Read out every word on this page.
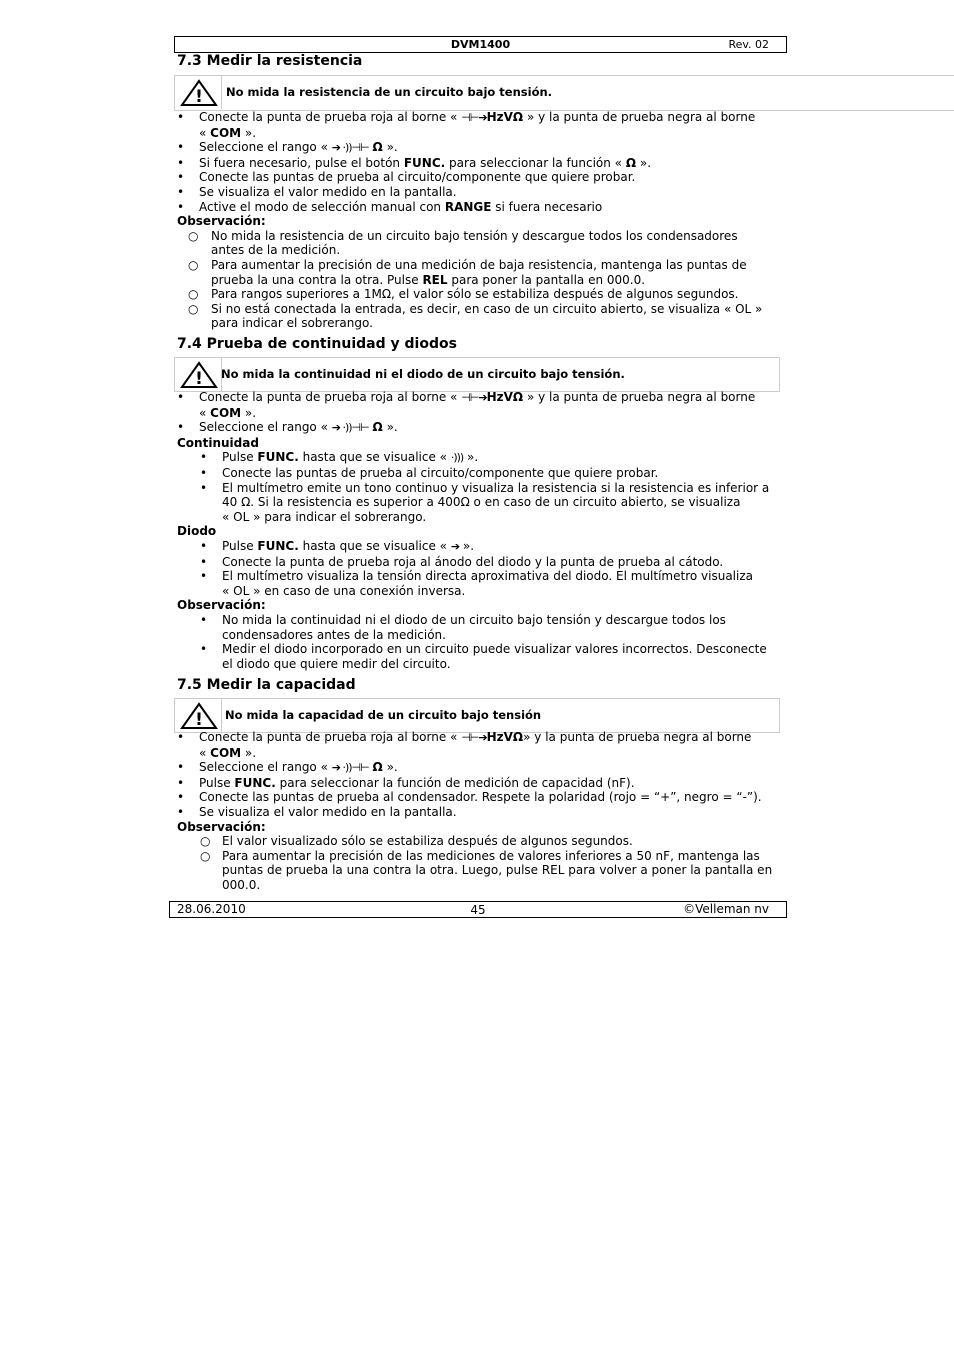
DVM1400	Rev. 02
7.3 Medir la resistencia
! No mida la resistencia de un circuito bajo tensión.
• Conecte la punta de prueba roja al borne « ⊣⊢➔HzVΩ » y la punta de prueba negra al borne
« COM ».
• Seleccione el rango « ➔ ·))⊣⊢ Ω ».
• Si fuera necesario, pulse el botón FUNC. para seleccionar la función « Ω ».
• Conecte las puntas de prueba al circuito/componente que quiere probar.
• Se visualiza el valor medido en la pantalla.
• Active el modo de selección manual con RANGE si fuera necesario
Observación:
○ No mida la resistencia de un circuito bajo tensión y descargue todos los condensadores
antes de la medición.
○ Para aumentar la precisión de una medición de baja resistencia, mantenga las puntas de
prueba la una contra la otra. Pulse REL para poner la pantalla en 000.0.
○ Para rangos superiores a 1MΩ, el valor sólo se estabiliza después de algunos segundos.
○ Si no está conectada la entrada, es decir, en caso de un circuito abierto, se visualiza « OL »
para indicar el sobrerango.
7.4 Prueba de continuidad y diodos
! No mida la continuidad ni el diodo de un circuito bajo tensión.
• Conecte la punta de prueba roja al borne « ⊣⊢➔HzVΩ » y la punta de prueba negra al borne
« COM ».
• Seleccione el rango « ➔ ·))⊣⊢ Ω ».
Continuidad
• Pulse FUNC. hasta que se visualice « ·))) ».
• Conecte las puntas de prueba al circuito/componente que quiere probar.
• El multímetro emite un tono continuo y visualiza la resistencia si la resistencia es inferior a
40 Ω. Si la resistencia es superior a 400Ω o en caso de un circuito abierto, se visualiza
« OL » para indicar el sobrerango.
Diodo
• Pulse FUNC. hasta que se visualice « ➔ ».
• Conecte la punta de prueba roja al ánodo del diodo y la punta de prueba al cátodo.
• El multímetro visualiza la tensión directa aproximativa del diodo. El multímetro visualiza
« OL » en caso de una conexión inversa.
Observación:
• No mida la continuidad ni el diodo de un circuito bajo tensión y descargue todos los
condensadores antes de la medición.
• Medir el diodo incorporado en un circuito puede visualizar valores incorrectos. Desconecte
el diodo que quiere medir del circuito.
7.5 Medir la capacidad
! No mida la capacidad de un circuito bajo tensión
• Conecte la punta de prueba roja al borne « ⊣⊢➔HzVΩ» y la punta de prueba negra al borne
« COM ».
• Seleccione el rango « ➔ ·))⊣⊢ Ω ».
• Pulse FUNC. para seleccionar la función de medición de capacidad (nF).
• Conecte las puntas de prueba al condensador. Respete la polaridad (rojo = “+”, negro = “-”).
• Se visualiza el valor medido en la pantalla.
Observación:
○ El valor visualizado sólo se estabiliza después de algunos segundos.
○ Para aumentar la precisión de las mediciones de valores inferiores a 50 nF, mantenga las
puntas de prueba la una contra la otra. Luego, pulse REL para volver a poner la pantalla en
000.0.
28.06.2010	45	©Velleman nv
